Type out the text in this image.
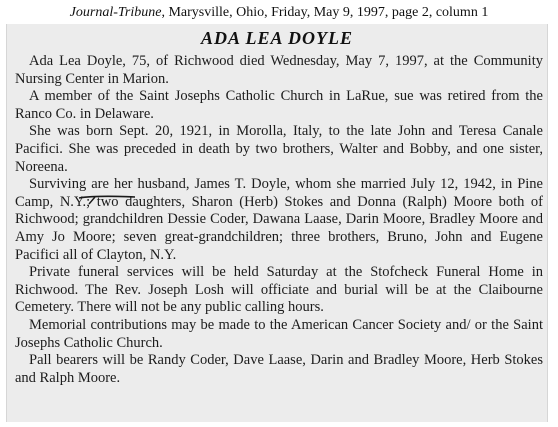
Journal-Tribune, Marysville, Ohio, Friday, May 9, 1997, page 2, column 1
ADA LEA DOYLE

Ada Lea Doyle, 75, of Richwood died Wednesday, May 7, 1997, at the Community Nursing Center in Marion.

A member of the Saint Josephs Catholic Church in LaRue, sue was retired from the Ranco Co. in Delaware.

She was born Sept. 20, 1921, in Morolla, Italy, to the late John and Teresa Canale Pacifici. She was preceded in death by two brothers, Walter and Bobby, and one sister, Noreena.

Surviving are her husband, James T. Doyle, whom she married July 12, 1942, in Pine Camp, N.Y.; two daughters, Sharon (Herb) Stokes and Donna (Ralph) Moore both of Richwood; grandchildren Dessie Coder, Dawana Laase, Darin Moore, Bradley Moore and Amy Jo Moore; seven great-grandchildren; three brothers, Bruno, John and Eugene Pacifici all of Clayton, N.Y.

Private funeral services will be held Saturday at the Stofcheck Funeral Home in Richwood. The Rev. Joseph Losh will officiate and burial will be at the Claibourne Cemetery. There will not be any public calling hours.

Memorial contributions may be made to the American Cancer Society and/ or the Saint Josephs Catholic Church.

Pall bearers will be Randy Coder, Dave Laase, Darin and Bradley Moore, Herb Stokes and Ralph Moore.
